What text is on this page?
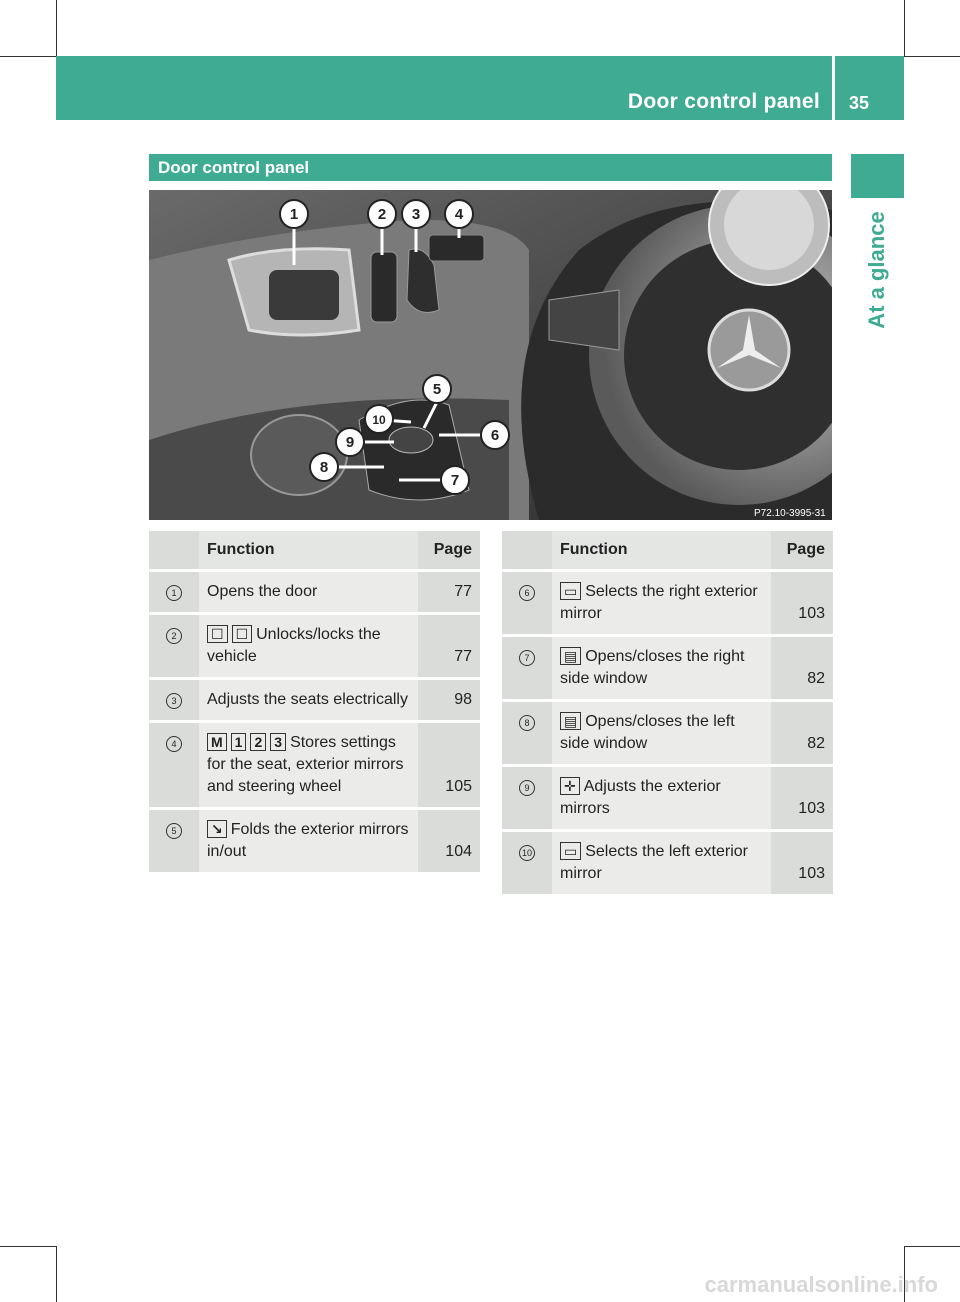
Door control panel 35
At a glance
Door control panel
1	2 3 4
5
6
7
8
9
10
P72.10-3995-31
	Function	Page
1	Opens the door	77
2	☐ ☐ Unlocks/locks the vehicle	77
3	Adjusts the seats electrically	98
4	M 1 2 3 Stores settings for the seat, exterior mirrors and steering wheel	105
5	↘ Folds the exterior mirrors in/out	104
	Function	Page
6	▭ Selects the right exterior mirror	103
7	▤ Opens/closes the right side window	82
8	▤ Opens/closes the left side window	82
9	✛ Adjusts the exterior mirrors	103
10	▭ Selects the left exterior mirror	103
carmanualsonline.info
